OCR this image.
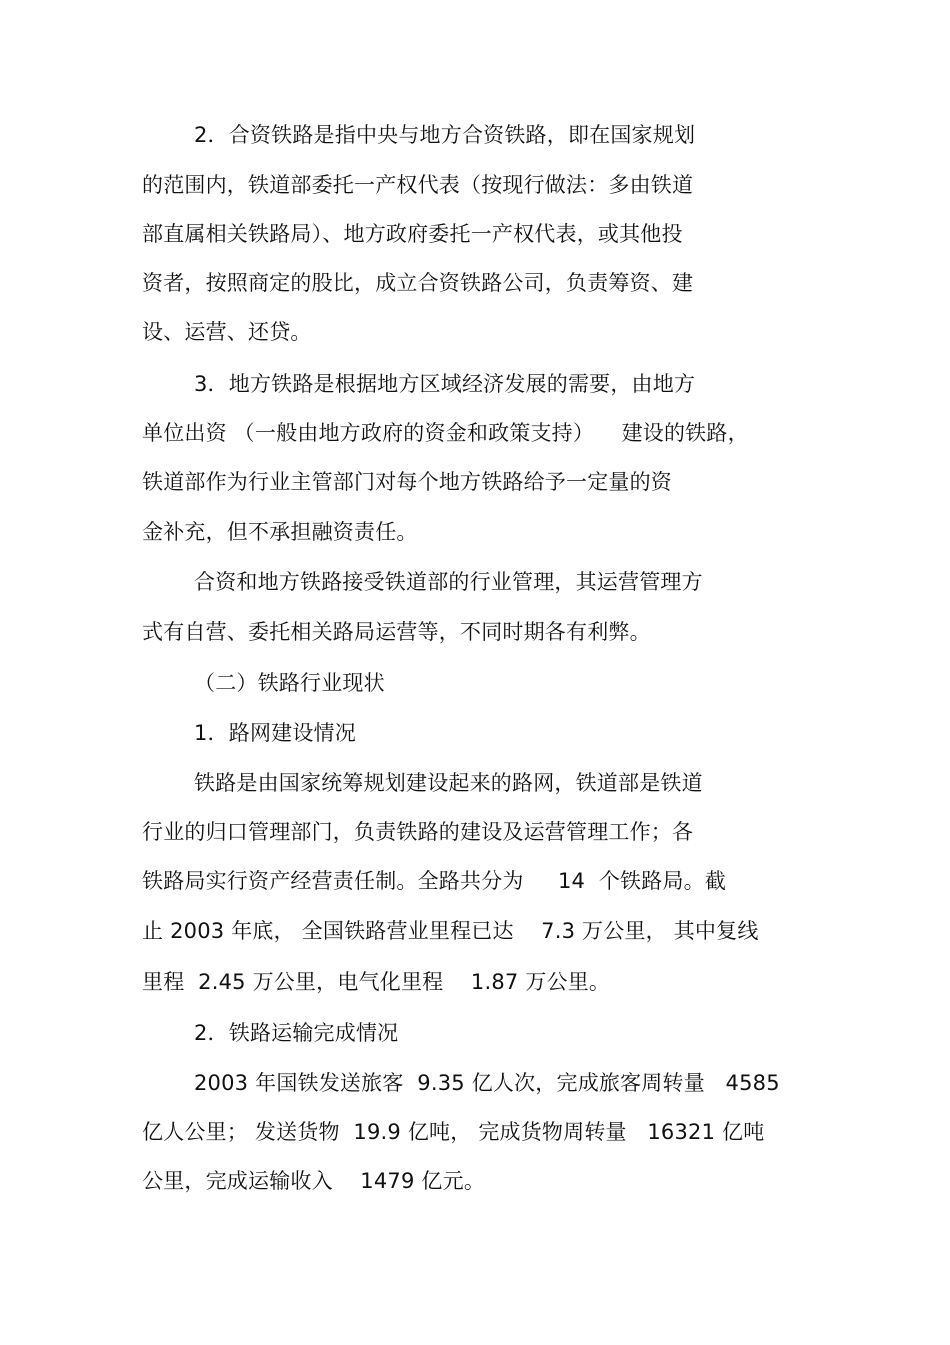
2．合资铁路是指中央与地方合资铁路，即在国家规划
的范围内，铁道部委托一产权代表（按现行做法：多由铁道
部直属相关铁路局）、地方政府委托一产权代表，或其他投
资者，按照商定的股比，成立合资铁路公司，负责筹资、建
设、运营、还贷。
3．地方铁路是根据地方区域经济发展的需要，由地方
单位出资 （一般由地方政府的资金和政策支持）    建设的铁路，
铁道部作为行业主管部门对每个地方铁路给予一定量的资
金补充，但不承担融资责任。
合资和地方铁路接受铁道部的行业管理，其运营管理方
式有自营、委托相关路局运营等，不同时期各有利弊。
（二）铁路行业现状
1．路网建设情况
铁路是由国家统筹规划建设起来的路网，铁道部是铁道
行业的归口管理部门，负责铁路的建设及运营管理工作；各
铁路局实行资产经营责任制。全路共分为     14  个铁路局。截
止 2003 年底， 全国铁路营业里程已达    7.3 万公里， 其中复线
里程  2.45 万公里，电气化里程    1.87 万公里。
2．铁路运输完成情况
2003 年国铁发送旅客  9.35 亿人次，完成旅客周转量   4585
亿人公里； 发送货物  19.9 亿吨， 完成货物周转量   16321 亿吨
公里，完成运输收入    1479 亿元。
